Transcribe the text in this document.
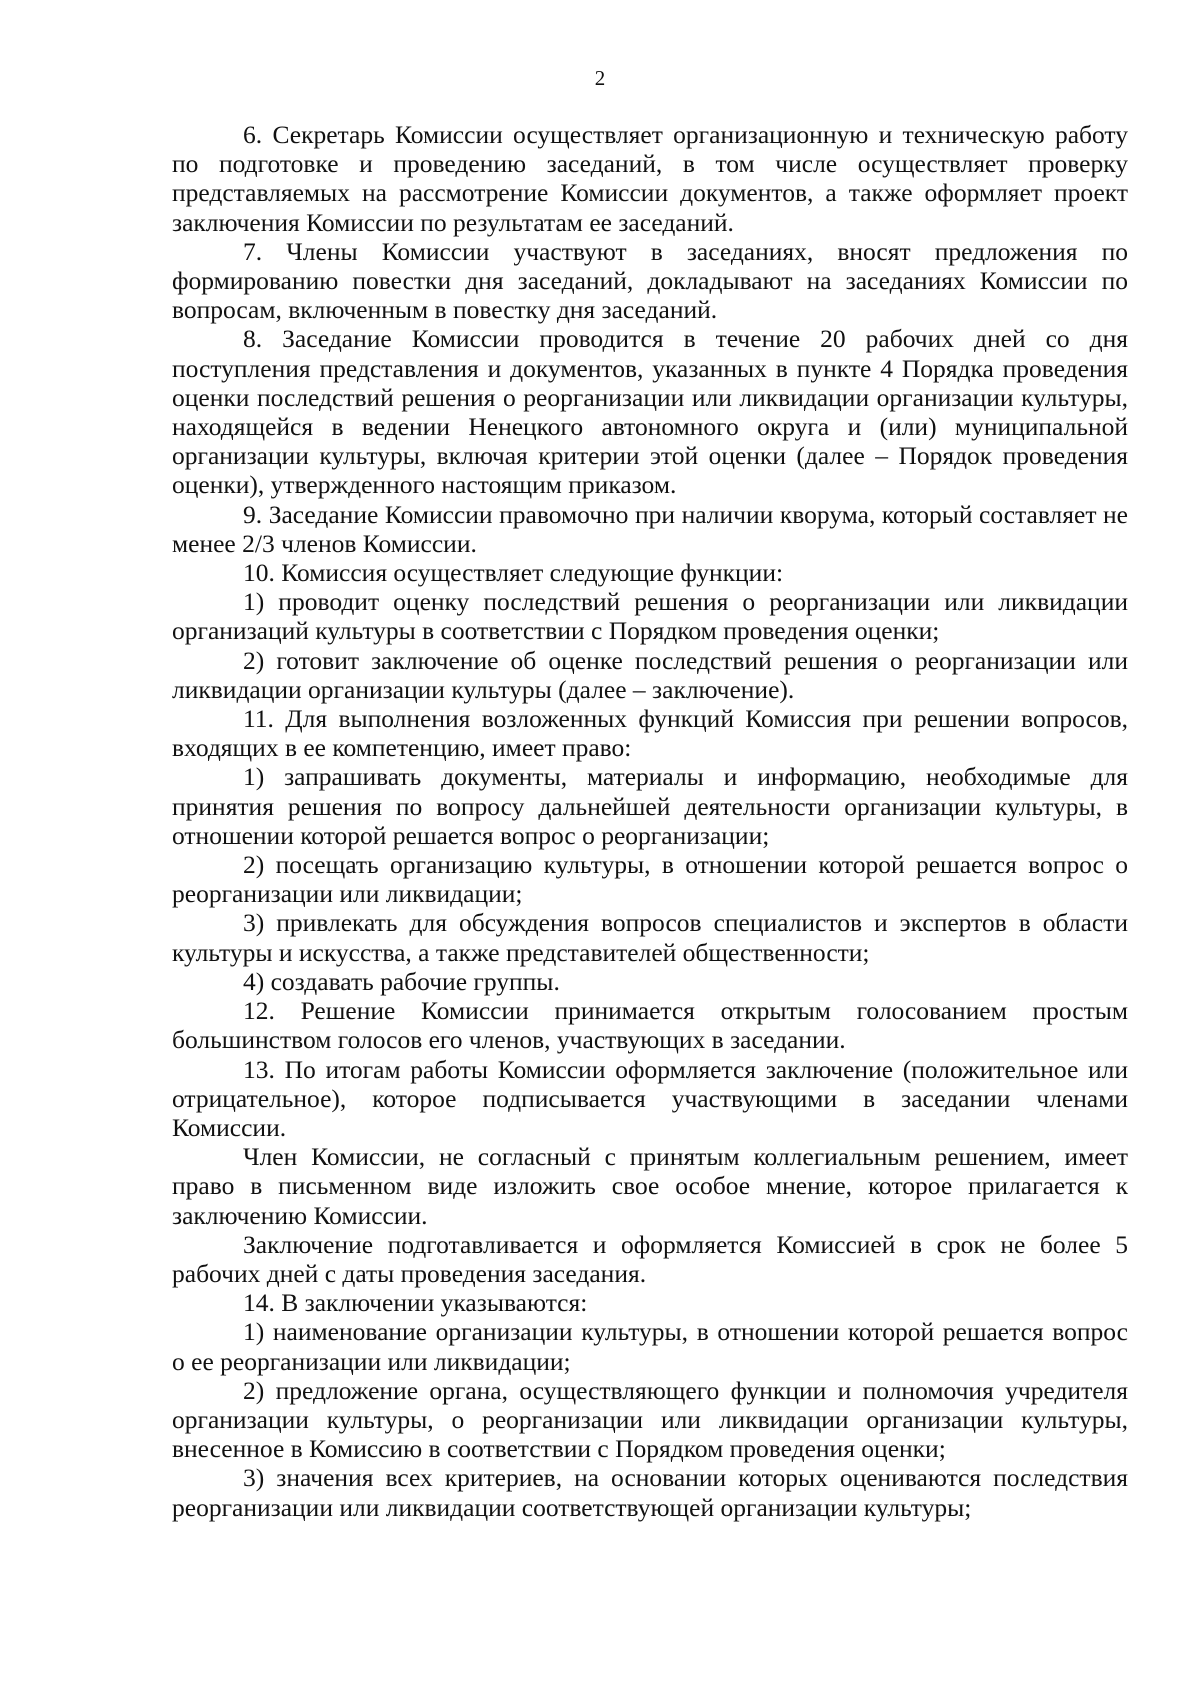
2

6. Секретарь Комиссии осуществляет организационную и техническую работу по подготовке и проведению заседаний, в том числе осуществляет проверку представляемых на рассмотрение Комиссии документов, а также оформляет проект заключения Комиссии по результатам ее заседаний.

7. Члены Комиссии участвуют в заседаниях, вносят предложения по формированию повестки дня заседаний, докладывают на заседаниях Комиссии по вопросам, включенным в повестку дня заседаний.

8. Заседание Комиссии проводится в течение 20 рабочих дней со дня поступления представления и документов, указанных в пункте 4 Порядка проведения оценки последствий решения о реорганизации или ликвидации организации культуры, находящейся в ведении Ненецкого автономного округа и (или) муниципальной организации культуры, включая критерии этой оценки (далее – Порядок проведения оценки), утвержденного настоящим приказом.

9. Заседание Комиссии правомочно при наличии кворума, который составляет не менее 2/3 членов Комиссии.

10. Комиссия осуществляет следующие функции:

1) проводит оценку последствий решения о реорганизации или ликвидации организаций культуры в соответствии с Порядком проведения оценки;

2) готовит заключение об оценке последствий решения о реорганизации или ликвидации организации культуры (далее – заключение).

11. Для выполнения возложенных функций Комиссия при решении вопросов, входящих в ее компетенцию, имеет право:

1) запрашивать документы, материалы и информацию, необходимые для принятия решения по вопросу дальнейшей деятельности организации культуры, в отношении которой решается вопрос о реорганизации;

2) посещать организацию культуры, в отношении которой решается вопрос о реорганизации или ликвидации;

3) привлекать для обсуждения вопросов специалистов и экспертов в области культуры и искусства, а также представителей общественности;

4) создавать рабочие группы.

12. Решение Комиссии принимается открытым голосованием простым большинством голосов его членов, участвующих в заседании.

13. По итогам работы Комиссии оформляется заключение (положительное или отрицательное), которое подписывается участвующими в заседании членами Комиссии.

Член Комиссии, не согласный с принятым коллегиальным решением, имеет право в письменном виде изложить свое особое мнение, которое прилагается к заключению Комиссии.

Заключение подготавливается и оформляется Комиссией в срок не более 5 рабочих дней с даты проведения заседания.

14. В заключении указываются:

1) наименование организации культуры, в отношении которой решается вопрос о ее реорганизации или ликвидации;

2) предложение органа, осуществляющего функции и полномочия учредителя организации культуры, о реорганизации или ликвидации организации культуры, внесенное в Комиссию в соответствии с Порядком проведения оценки;

3) значения всех критериев, на основании которых оцениваются последствия реорганизации или ликвидации соответствующей организации культуры;
